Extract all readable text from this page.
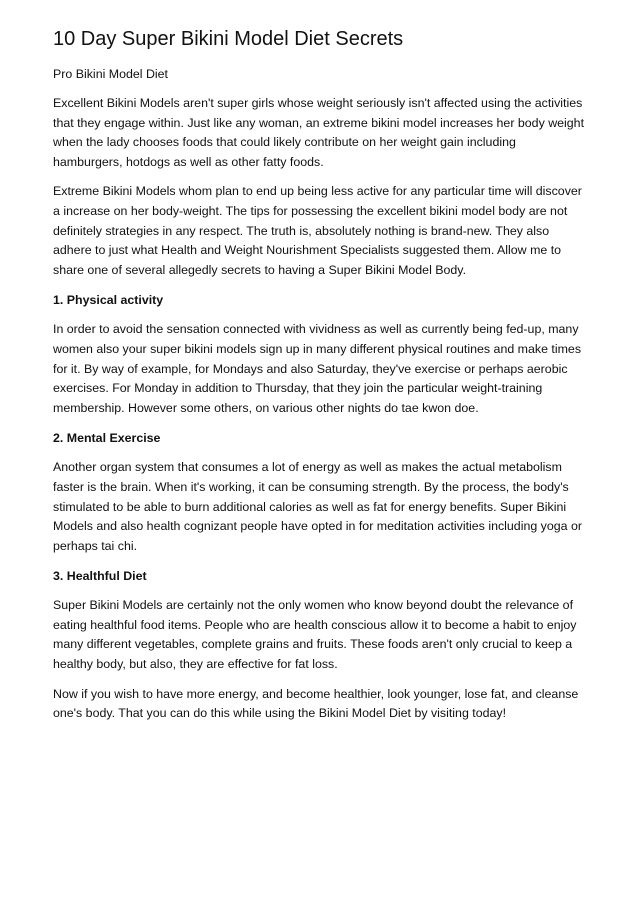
10 Day Super Bikini Model Diet Secrets

Pro Bikini Model Diet

Excellent Bikini Models aren't super girls whose weight seriously isn't affected using the activities that they engage within. Just like any woman, an extreme bikini model increases her body weight when the lady chooses foods that could likely contribute on her weight gain including hamburgers, hotdogs as well as other fatty foods.

Extreme Bikini Models whom plan to end up being less active for any particular time will discover a increase on her body-weight. The tips for possessing the excellent bikini model body are not definitely strategies in any respect. The truth is, absolutely nothing is brand-new. They also adhere to just what Health and Weight Nourishment Specialists suggested them. Allow me to share one of several allegedly secrets to having a Super Bikini Model Body.

1. Physical activity

In order to avoid the sensation connected with vividness as well as currently being fed-up, many women also your super bikini models sign up in many different physical routines and make times for it. By way of example, for Mondays and also Saturday, they've exercise or perhaps aerobic exercises. For Monday in addition to Thursday, that they join the particular weight-training membership. However some others, on various other nights do tae kwon doe.

2. Mental Exercise

Another organ system that consumes a lot of energy as well as makes the actual metabolism faster is the brain. When it's working, it can be consuming strength. By the process, the body's stimulated to be able to burn additional calories as well as fat for energy benefits. Super Bikini Models and also health cognizant people have opted in for meditation activities including yoga or perhaps tai chi.

3. Healthful Diet

Super Bikini Models are certainly not the only women who know beyond doubt the relevance of eating healthful food items. People who are health conscious allow it to become a habit to enjoy many different vegetables, complete grains and fruits. These foods aren't only crucial to keep a healthy body, but also, they are effective for fat loss.

Now if you wish to have more energy, and become healthier, look younger, lose fat, and cleanse one's body. That you can do this while using the Bikini Model Diet by visiting today!
